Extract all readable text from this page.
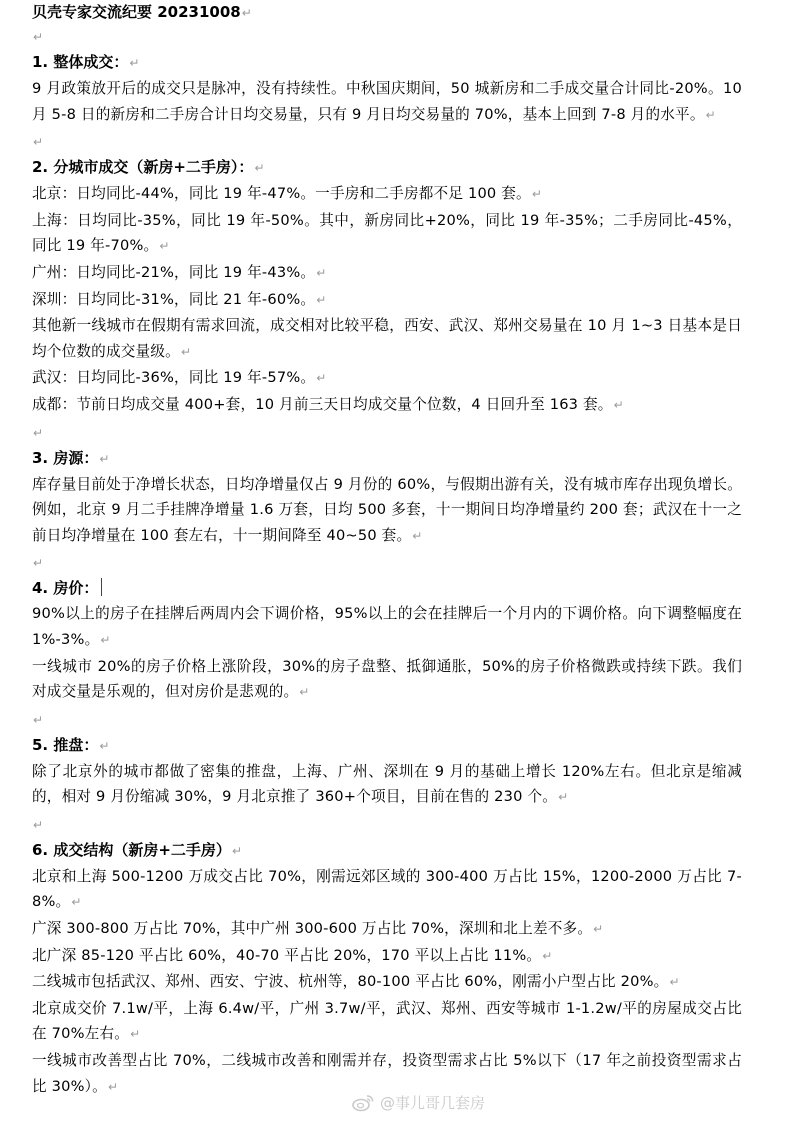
贝壳专家交流纪要 20231008↵
↵
1. 整体成交：↵
9 月政策放开后的成交只是脉冲，没有持续性。中秋国庆期间，50 城新房和二手成交量合计同比-20%。10 月 5-8 日的新房和二手房合计日均交易量，只有 9 月日均交易量的 70%，基本上回到 7-8 月的水平。↵
↵
2. 分城市成交（新房+二手房）：↵
北京：日均同比-44%，同比 19 年-47%。一手房和二手房都不足 100 套。↵
上海：日均同比-35%，同比 19 年-50%。其中，新房同比+20%，同比 19 年-35%；二手房同比-45%，同比 19 年-70%。↵
广州：日均同比-21%，同比 19 年-43%。↵
深圳：日均同比-31%，同比 21 年-60%。↵
其他新一线城市在假期有需求回流，成交相对比较平稳，西安、武汉、郑州交易量在 10 月 1~3 日基本是日均个位数的成交量级。↵
武汉：日均同比-36%，同比 19 年-57%。↵
成都：节前日均成交量 400+套，10 月前三天日均成交量个位数，4 日回升至 163 套。↵
↵
3. 房源：↵
库存量目前处于净增长状态，日均净增量仅占 9 月份的 60%，与假期出游有关，没有城市库存出现负增长。例如，北京 9 月二手挂牌净增量 1.6 万套，日均 500 多套，十一期间日均净增量约 200 套；武汉在十一之前日均净增量在 100 套左右，十一期间降至 40~50 套。↵
↵
4. 房价：
90%以上的房子在挂牌后两周内会下调价格，95%以上的会在挂牌后一个月内的下调价格。向下调整幅度在 1%-3%。↵
一线城市 20%的房子价格上涨阶段，30%的房子盘整、抵御通胀，50%的房子价格微跌或持续下跌。我们对成交量是乐观的，但对房价是悲观的。↵
↵
5. 推盘：↵
除了北京外的城市都做了密集的推盘，上海、广州、深圳在 9 月的基础上增长 120%左右。但北京是缩减的，相对 9 月份缩减 30%，9 月北京推了 360+个项目，目前在售的 230 个。↵
↵
6. 成交结构（新房+二手房）↵
北京和上海 500-1200 万成交占比 70%，刚需远郊区域的 300-400 万占比 15%，1200-2000 万占比 7-8%。↵
广深 300-800 万占比 70%，其中广州 300-600 万占比 70%，深圳和北上差不多。↵
北广深 85-120 平占比 60%，40-70 平占比 20%，170 平以上占比 11%。↵
二线城市包括武汉、郑州、西安、宁波、杭州等，80-100 平占比 60%，刚需小户型占比 20%。↵
北京成交价 7.1w/平，上海 6.4w/平，广州 3.7w/平，武汉、郑州、西安等城市 1-1.2w/平的房屋成交占比在 70%左右。↵
一线城市改善型占比 70%，二线城市改善和刚需并存，投资型需求占比 5%以下（17 年之前投资型需求占比 30%）。↵
@事儿哥几套房
